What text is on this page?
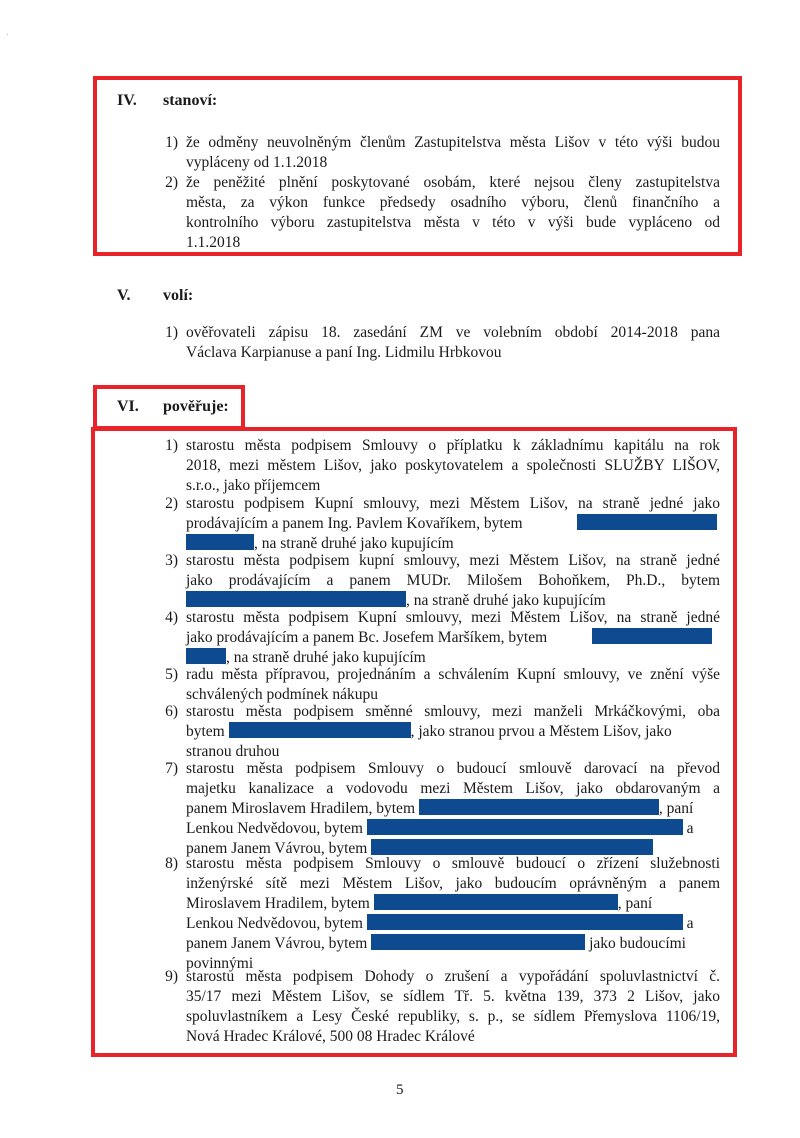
ʼ
IV. stanoví:
1) že odměny neuvolněným členům Zastupitelstva města Lišov v této výši budou
vypláceny od 1.1.2018
2) že peněžité plnění poskytované osobám, které nejsou členy zastupitelstva
města, za výkon funkce předsedy osadního výboru, členů finančního a
kontrolního výboru zastupitelstva města v této v výši bude vypláceno od
1.1.2018
V. volí:
1) ověřovateli zápisu 18. zasedání ZM ve volebním období 2014-2018 pana
Václava Karpianuse a paní Ing. Lidmilu Hrbkovou
VI. pověřuje:
1) starostu města podpisem Smlouvy o příplatku k základnímu kapitálu na rok
2018, mezi městem Lišov, jako poskytovatelem a společnosti SLUŽBY LIŠOV,
s.r.o., jako příjemcem
2) starostu podpisem Kupní smlouvy, mezi Městem Lišov, na straně jedné jako
prodávajícím a panem Ing. Pavlem Kovaříkem, bytem
, na straně druhé jako kupujícím
3) starostu města podpisem kupní smlouvy, mezi Městem Lišov, na straně jedné
jako prodávajícím a panem MUDr. Milošem Bohoňkem, Ph.D., bytem
, na straně druhé jako kupujícím
4) starostu města podpisem Kupní smlouvy, mezi Městem Lišov, na straně jedné
jako prodávajícím a panem Bc. Josefem Maršíkem, bytem
, na straně druhé jako kupujícím
5) radu města přípravou, projednáním a schválením Kupní smlouvy, ve znění výše
schválených podmínek nákupu
6) starostu města podpisem směnné smlouvy, mezi manželi Mrkáčkovými, oba
bytem	, jako stranou prvou a Městem Lišov, jako
stranou druhou
7) starostu města podpisem Smlouvy o budoucí smlouvě darovací na převod
majetku kanalizace a vodovodu mezi Městem Lišov, jako obdarovaným a
panem Miroslavem Hradilem, bytem	, paní
Lenkou Nedvědovou, bytem	a
panem Janem Vávrou, bytem
8) starostu města podpisem Smlouvy o smlouvě budoucí o zřízení služebnosti
inženýrské sítě mezi Městem Lišov, jako budoucím oprávněným a panem
Miroslavem Hradilem, bytem	, paní
Lenkou Nedvědovou, bytem	a
panem Janem Vávrou, bytem	jako budoucími
povinnými
9) starostu města podpisem Dohody o zrušení a vypořádání spoluvlastnictví č.
35/17 mezi Městem Lišov, se sídlem Tř. 5. května 139, 373 2 Lišov, jako
spoluvlastníkem a Lesy České republiky, s. p., se sídlem Přemyslova 1106/19,
Nová Hradec Králové, 500 08 Hradec Králové
5
